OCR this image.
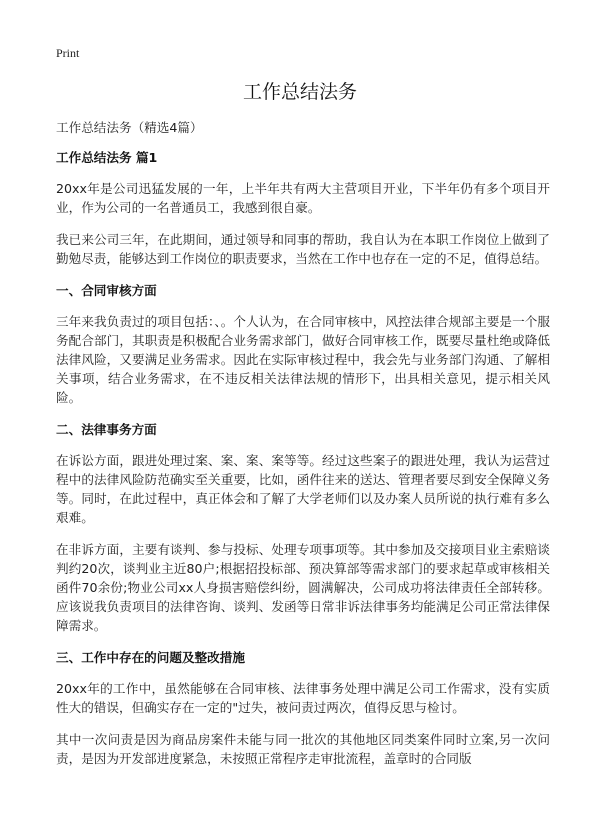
Print
工作总结法务

工作总结法务（精选4篇）

工作总结法务 篇1

20xx年是公司迅猛发展的一年，上半年共有两大主营项目开业，下半年仍有多个项目开业，作为公司的一名普通员工，我感到很自豪。

我已来公司三年，在此期间，通过领导和同事的帮助，我自认为在本职工作岗位上做到了勤勉尽责，能够达到工作岗位的职责要求，当然在工作中也存在一定的不足，值得总结。

一、合同审核方面

三年来我负责过的项目包括：、。个人认为，在合同审核中，风控法律合规部主要是一个服务配合部门，其职责是积极配合业务需求部门，做好合同审核工作，既要尽量杜绝或降低法律风险，又要满足业务需求。因此在实际审核过程中，我会先与业务部门沟通、了解相关事项，结合业务需求，在不违反相关法律法规的情形下，出具相关意见，提示相关风险。

二、法律事务方面

在诉讼方面，跟进处理过案、案、案、案等等。经过这些案子的跟进处理，我认为运营过程中的法律风险防范确实至关重要，比如，函件往来的送达、管理者要尽到安全保障义务等。同时，在此过程中，真正体会和了解了大学老师们以及办案人员所说的执行难有多么艰难。

在非诉方面，主要有谈判、参与投标、处理专项事项等。其中参加及交接项目业主索赔谈判约20次，谈判业主近80户;根据招投标部、预决算部等需求部门的要求起草或审核相关函件70余份;物业公司xx人身损害赔偿纠纷，圆满解决，公司成功将法律责任全部转移。应该说我负责项目的法律咨询、谈判、发函等日常非诉法律事务均能满足公司正常法律保障需求。

三、工作中存在的问题及整改措施

20xx年的工作中，虽然能够在合同审核、法律事务处理中满足公司工作需求，没有实质性大的错误，但确实存在一定的"过失，被问责过两次，值得反思与检讨。

其中一次问责是因为商品房案件未能与同一批次的其他地区同类案件同时立案,另一次问责，是因为开发部进度紧急，未按照正常程序走审批流程，盖章时的合同版
